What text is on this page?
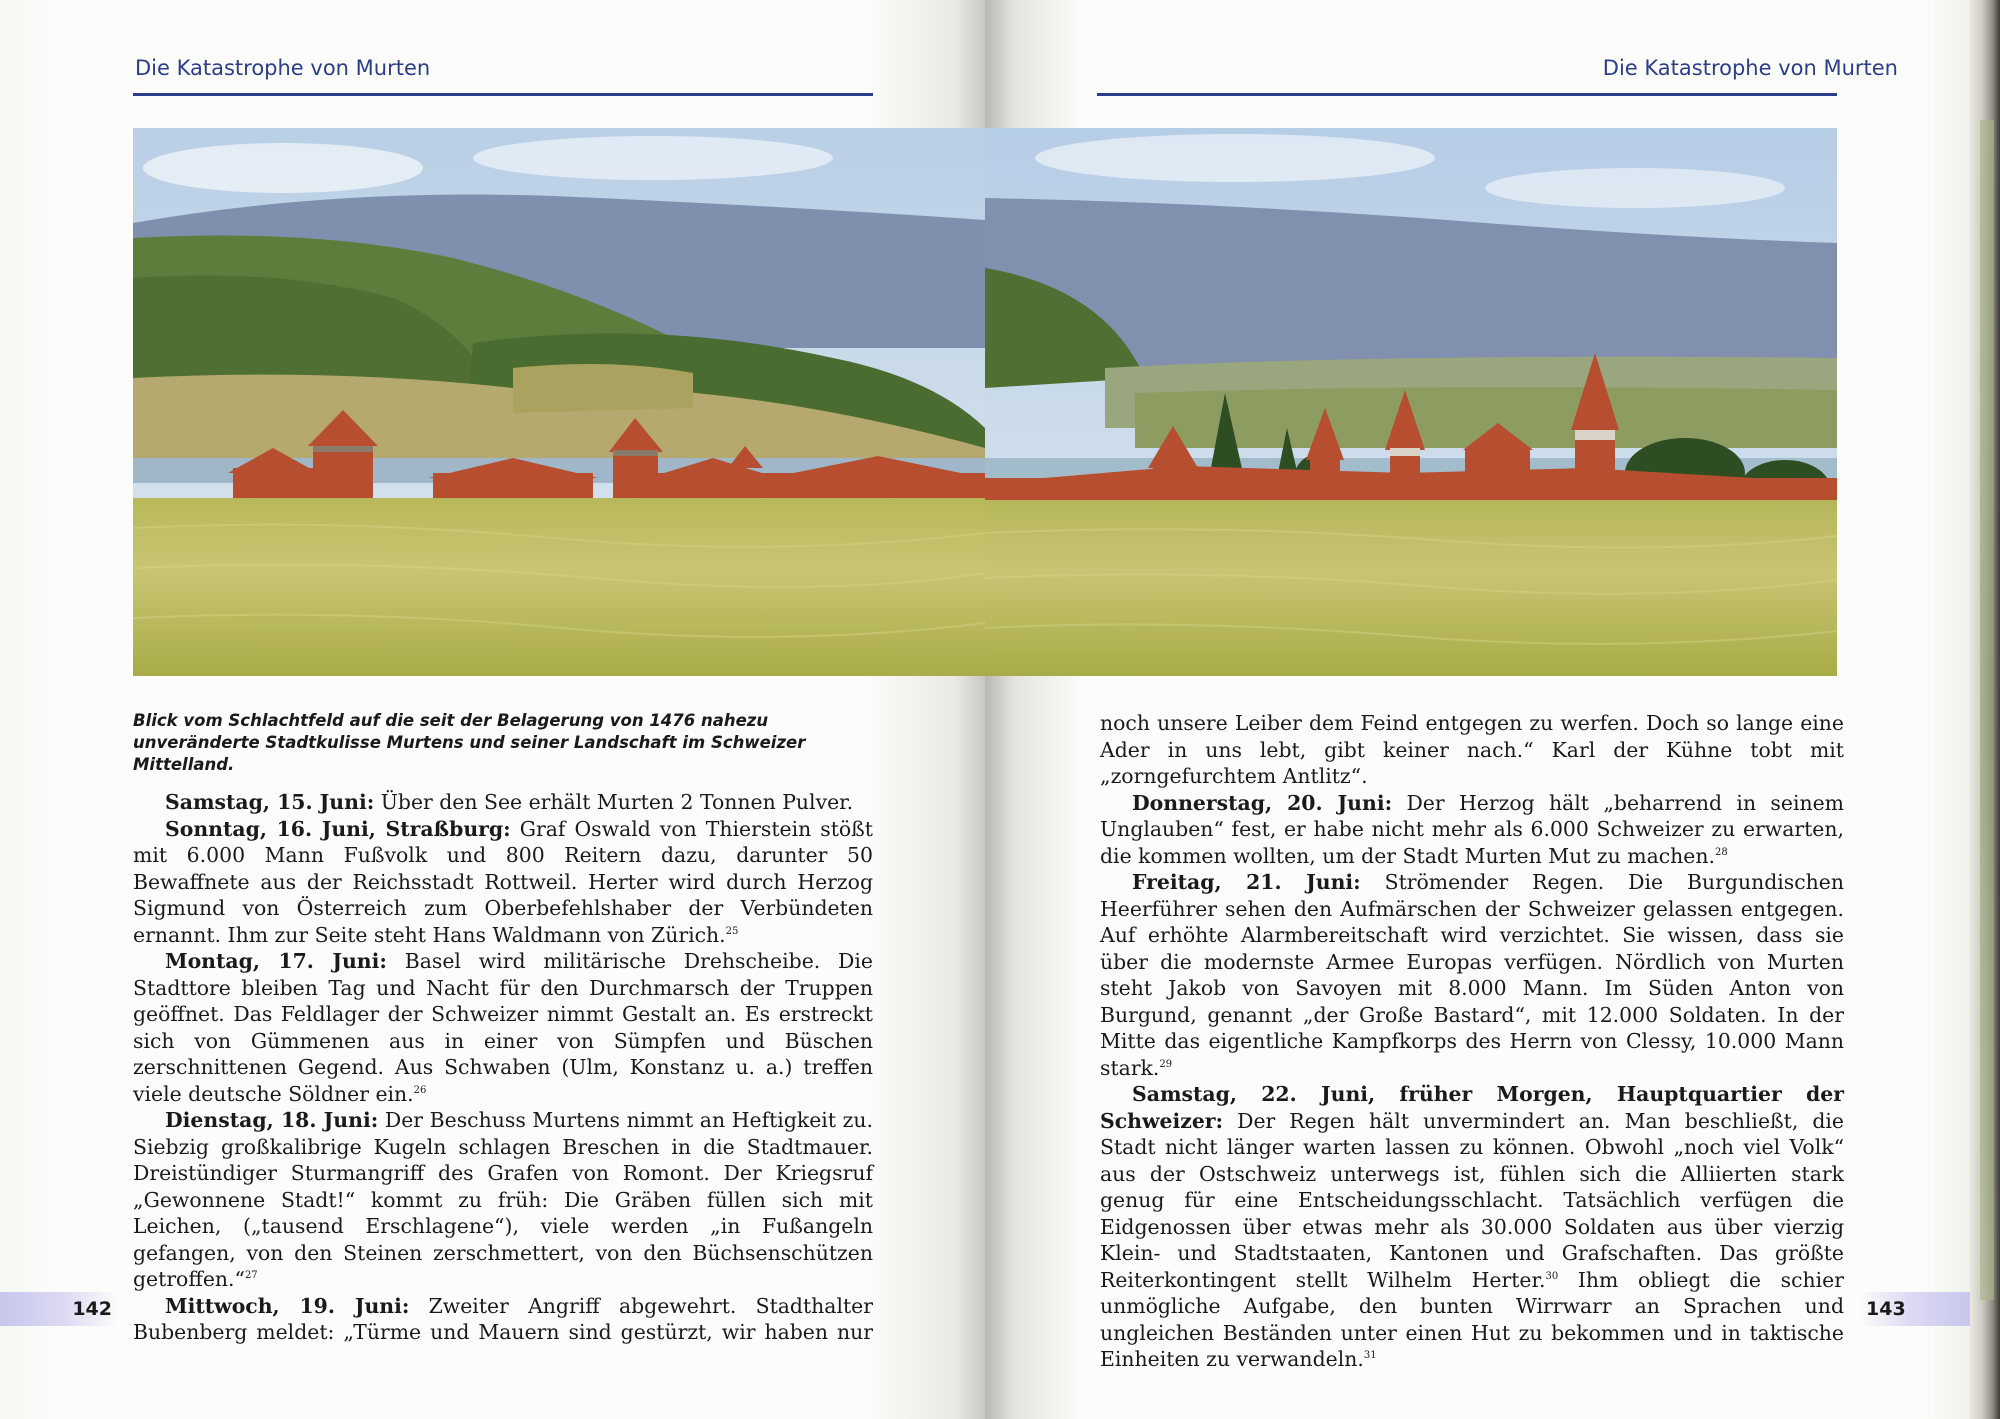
Die Katastrophe von Murten
Blick vom Schlachtfeld auf die seit der Belagerung von 1476 nahezu unveränderte Stadtkulisse Murtens und seiner Landschaft im Schweizer Mittelland.

Samstag, 15. Juni: Über den See erhält Murten 2 Tonnen Pulver.

Sonntag, 16. Juni, Straßburg: Graf Oswald von Thierstein stößt mit 6.000 Mann Fußvolk und 800 Reitern dazu, darunter 50 Bewaffnete aus der Reichsstadt Rottweil. Herter wird durch Herzog Sigmund von Österreich zum Oberbefehlshaber der Verbündeten ernannt. Ihm zur Seite steht Hans Waldmann von Zürich.$^{25}$

Montag, 17. Juni: Basel wird militärische Drehscheibe. Die Stadttore bleiben Tag und Nacht für den Durchmarsch der Truppen geöffnet. Das Feldlager der Schweizer nimmt Gestalt an. Es erstreckt sich von Gümmenen aus in einer von Sümpfen und Büschen zerschnittenen Gegend. Aus Schwaben (Ulm, Konstanz u. a.) treffen viele deutsche Söldner ein.$^{26}$

Dienstag, 18. Juni: Der Beschuss Murtens nimmt an Heftigkeit zu. Siebzig großkalibrige Kugeln schlagen Breschen in die Stadtmauer. Dreistündiger Sturmangriff des Grafen von Romont. Der Kriegsruf „Gewonnene Stadt!“ kommt zu früh: Die Gräben füllen sich mit Leichen, („tausend Erschlagene“), viele werden „in Fußangeln gefangen, von den Steinen zerschmettert, von den Büchsenschützen getroffen.“$^{27}$

Mittwoch, 19. Juni: Zweiter Angriff abgewehrt. Stadthalter Bubenberg meldet: „Türme und Mauern sind gestürzt, wir haben nur

142
Die Katastrophe von Murten

noch unsere Leiber dem Feind entgegen zu werfen. Doch so lange eine Ader in uns lebt, gibt keiner nach.“ Karl der Kühne tobt mit „zorngefurchtem Antlitz“.

Donnerstag, 20. Juni: Der Herzog hält „beharrend in seinem Unglauben“ fest, er habe nicht mehr als 6.000 Schweizer zu erwarten, die kommen wollten, um der Stadt Murten Mut zu machen.$^{28}$

Freitag, 21. Juni: Strömender Regen. Die Burgundischen Heerführer sehen den Aufmärschen der Schweizer gelassen entgegen. Auf erhöhte Alarmbereitschaft wird verzichtet. Sie wissen, dass sie über die modernste Armee Europas verfügen. Nördlich von Murten steht Jakob von Savoyen mit 8.000 Mann. Im Süden Anton von Burgund, genannt „der Große Bastard“, mit 12.000 Soldaten. In der Mitte das eigentliche Kampfkorps des Herrn von Clessy, 10.000 Mann stark.$^{29}$

Samstag, 22. Juni, früher Morgen, Hauptquartier der Schweizer: Der Regen hält unvermindert an. Man beschließt, die Stadt nicht länger warten lassen zu können. Obwohl „noch viel Volk“ aus der Ostschweiz unterwegs ist, fühlen sich die Alliierten stark genug für eine Entscheidungsschlacht. Tatsächlich verfügen die Eidgenossen über etwas mehr als 30.000 Soldaten aus über vierzig Klein- und Stadtstaaten, Kantonen und Grafschaften. Das größte Reiterkontingent stellt Wilhelm Herter.$^{30}$ Ihm obliegt die schier unmögliche Aufgabe, den bunten Wirrwarr an Sprachen und ungleichen Beständen unter einen Hut zu bekommen und in taktische Einheiten zu verwandeln.$^{31}$

143
